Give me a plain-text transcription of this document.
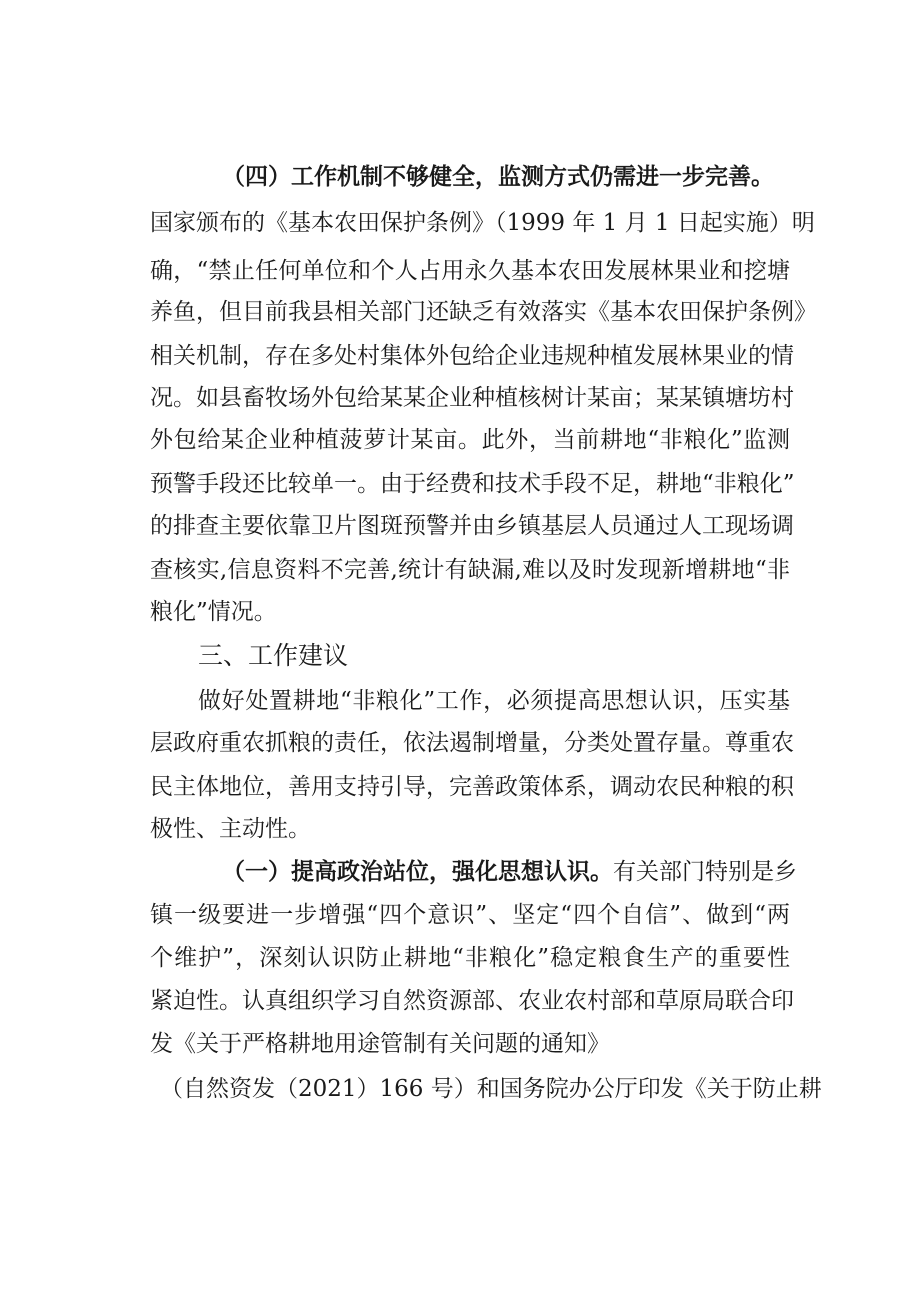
（四）工作机制不够健全，监测方式仍需进一步完善。
国家颁布的《基本农田保护条例》（1999 年 1 月 1 日起实施）明
确，“禁止任何单位和个人占用永久基本农田发展林果业和挖塘
养鱼，但目前我县相关部门还缺乏有效落实《基本农田保护条例》
相关机制，存在多处村集体外包给企业违规种植发展林果业的情
况。如县畜牧场外包给某某企业种植核树计某亩；某某镇塘坊村
外包给某企业种植菠萝计某亩。此外，当前耕地“非粮化”监测
预警手段还比较单一。由于经费和技术手段不足，耕地“非粮化”
的排查主要依靠卫片图斑预警并由乡镇基层人员通过人工现场调
查核实,信息资料不完善,统计有缺漏,难以及时发现新增耕地“非
粮化”情况。
三、工作建议
做好处置耕地“非粮化”工作，必须提高思想认识，压实基
层政府重农抓粮的责任，依法遏制增量，分类处置存量。尊重农
民主体地位，善用支持引导，完善政策体系，调动农民种粮的积
极性、主动性。
（一）提高政治站位，强化思想认识。有关部门特别是乡
镇一级要进一步增强“四个意识”、坚定“四个自信”、做到“两
个维护”，深刻认识防止耕地“非粮化”稳定粮食生产的重要性
紧迫性。认真组织学习自然资源部、农业农村部和草原局联合印
发《关于严格耕地用途管制有关问题的通知》
（自然资发（2021）166 号）和国务院办公厅印发《关于防止耕
